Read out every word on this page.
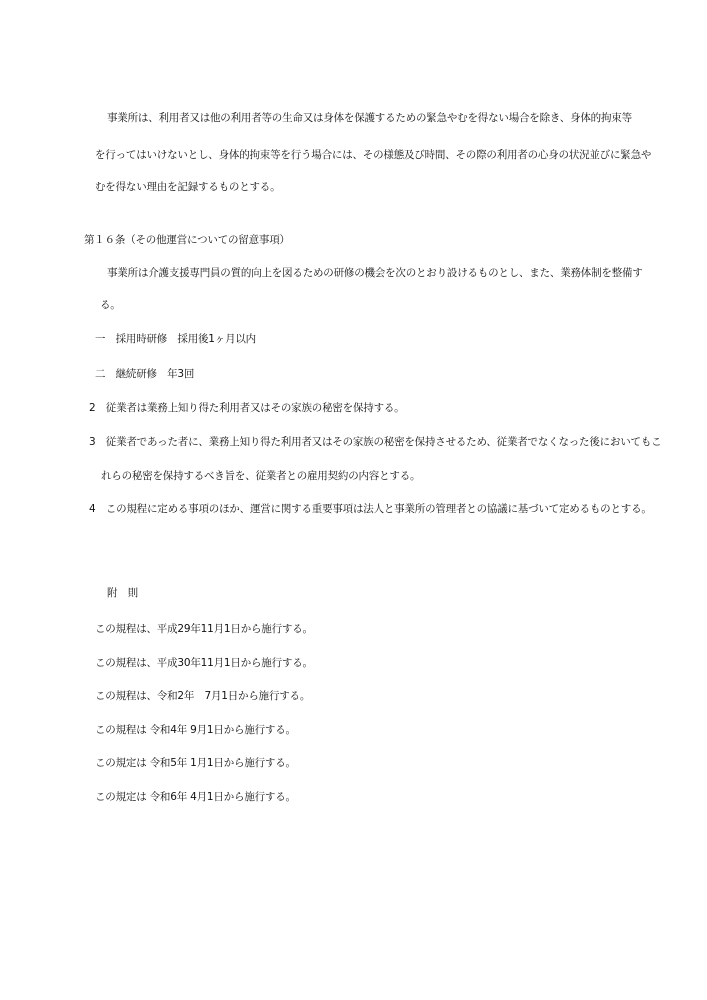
事業所は、利用者又は他の利用者等の生命又は身体を保護するための緊急やむを得ない場合を除き、身体的拘束等
を行ってはいけないとし、身体的拘束等を行う場合には、その様態及び時間、その際の利用者の心身の状況並びに緊急や
むを得ない理由を記録するものとする。
第１６条（その他運営についての留意事項）
事業所は介護支援専門員の質的向上を図るための研修の機会を次のとおり設けるものとし、また、業務体制を整備す
る。
一　採用時研修　採用後1ヶ月以内
二　継続研修　年3回
2　従業者は業務上知り得た利用者又はその家族の秘密を保持する。
3　従業者であった者に、業務上知り得た利用者又はその家族の秘密を保持させるため、従業者でなくなった後においてもこ
れらの秘密を保持するべき旨を、従業者との雇用契約の内容とする。
4　この規程に定める事項のほか、運営に関する重要事項は法人と事業所の管理者との協議に基づいて定めるものとする。
附　則
この規程は、平成29年11月1日から施行する。
この規程は、平成30年11月1日から施行する。
この規程は、令和2年　7月1日から施行する。
この規程は 令和4年 9月1日から施行する。
この規定は 令和5年 1月1日から施行する。
この規定は 令和6年 4月1日から施行する。
